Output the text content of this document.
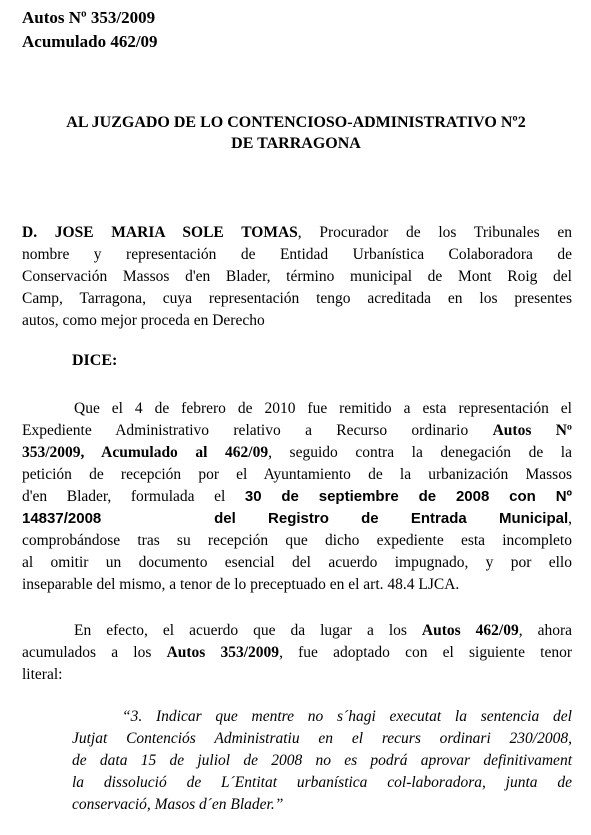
Autos Nº 353/2009
Acumulado 462/09
AL JUZGADO DE LO CONTENCIOSO-ADMINISTRATIVO Nº2
DE TARRAGONA
D. JOSE MARIA SOLE TOMAS, Procurador de los Tribunales en
nombre y representación de Entidad Urbanística Colaboradora de
Conservación Massos d'en Blader, término municipal de Mont Roig del
Camp, Tarragona, cuya representación tengo acreditada en los presentes
autos, como mejor proceda en Derecho
DICE:
Que el 4 de febrero de 2010 fue remitido a esta representación el
Expediente Administrativo relativo a Recurso ordinario Autos Nº
353/2009, Acumulado al 462/09, seguido contra la denegación de la
petición de recepción por el Ayuntamiento de la urbanización Massos
d'en Blader, formulada el 30 de septiembre de 2008 con Nº
14837/2008       del  Registro  de  Entrada  Municipal,
comprobándose tras su recepción que dicho expediente esta incompleto
al omitir un documento esencial del acuerdo impugnado, y por ello
inseparable del mismo, a tenor de lo preceptuado en el art. 48.4 LJCA.
En efecto, el acuerdo que da lugar a los Autos 462/09, ahora
acumulados a los Autos 353/2009, fue adoptado con el siguiente tenor
literal:
“3. Indicar que mentre no s´hagi executat la sentencia del
Jutjat Contenciós Administratiu en el recurs ordinari 230/2008,
de data 15 de juliol de 2008 no es podrá aprovar definitivament
la dissolució de L´Entitat urbanística col-laboradora, junta de
conservació, Masos d´en Blader.”
